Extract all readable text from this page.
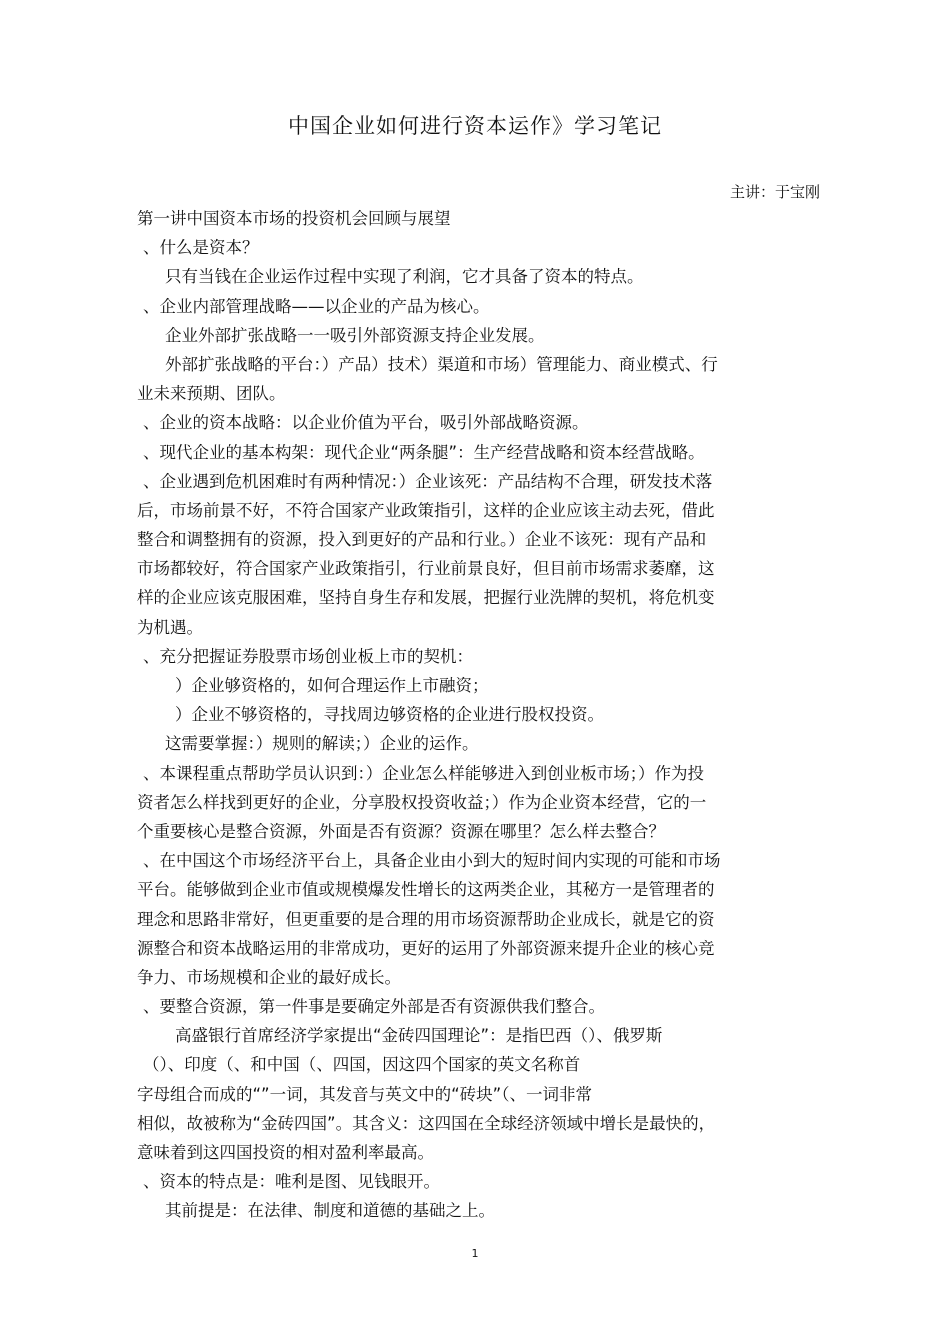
中国企业如何进行资本运作》学习笔记
主讲：于宝刚
第一讲中国资本市场的投资机会回顾与展望
、什么是资本？
只有当钱在企业运作过程中实现了利润，它才具备了资本的特点。
、企业内部管理战略——以企业的产品为核心。
企业外部扩张战略一一吸引外部资源支持企业发展。
外部扩张战略的平台：）产品）技术）渠道和市场）管理能力、商业模式、行
业未来预期、团队。
、企业的资本战略：以企业价值为平台，吸引外部战略资源。
、现代企业的基本构架：现代企业“两条腿”：生产经营战略和资本经营战略。
、企业遇到危机困难时有两种情况：）企业该死：产品结构不合理，研发技术落
后，市场前景不好，不符合国家产业政策指引，这样的企业应该主动去死，借此
整合和调整拥有的资源，投入到更好的产品和行业。）企业不该死：现有产品和
市场都较好，符合国家产业政策指引，行业前景良好，但目前市场需求萎靡，这
样的企业应该克服困难，坚持自身生存和发展，把握行业洗牌的契机，将危机变
为机遇。
、充分把握证券股票市场创业板上市的契机：
）企业够资格的，如何合理运作上市融资；
）企业不够资格的，寻找周边够资格的企业进行股权投资。
这需要掌握：）规则的解读；）企业的运作。
、本课程重点帮助学员认识到：）企业怎么样能够进入到创业板市场；）作为投
资者怎么样找到更好的企业，分享股权投资收益；）作为企业资本经营，它的一
个重要核心是整合资源，外面是否有资源？资源在哪里？怎么样去整合？
、在中国这个市场经济平台上，具备企业由小到大的短时间内实现的可能和市场
平台。能够做到企业市值或规模爆发性增长的这两类企业，其秘方一是管理者的
理念和思路非常好，但更重要的是合理的用市场资源帮助企业成长，就是它的资
源整合和资本战略运用的非常成功，更好的运用了外部资源来提升企业的核心竞
争力、市场规模和企业的最好成长。
、要整合资源，第一件事是要确定外部是否有资源供我们整合。
高盛银行首席经济学家提出“金砖四国理论”：是指巴西（）、俄罗斯
（）、印度（、和中国（、四国，因这四个国家的英文名称首
字母组合而成的“”一词，其发音与英文中的“砖块”（、一词非常
相似，故被称为“金砖四国”。其含义：这四国在全球经济领域中增长是最快的，
意味着到这四国投资的相对盈利率最高。
、资本的特点是：唯利是图、见钱眼开。
其前提是：在法律、制度和道德的基础之上。
1
